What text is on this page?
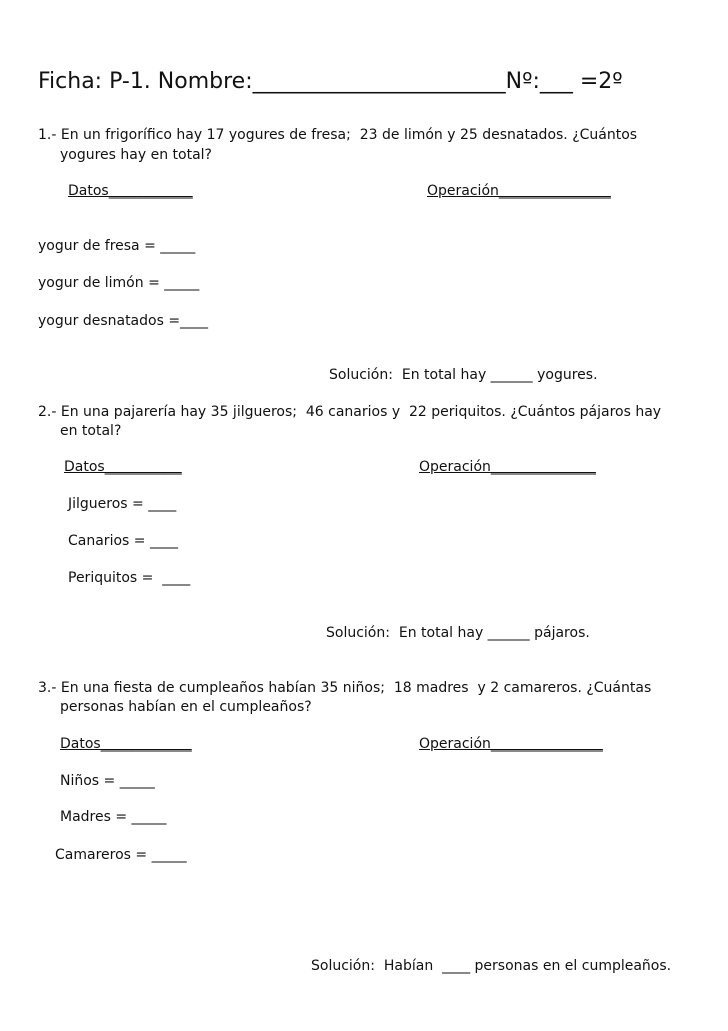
Ficha: P-1. Nombre:_______________________Nº:___ =2º
1.- En un frigorífico hay 17 yogures de fresa;  23 de limón y 25 desnatados. ¿Cuántos
yogures hay en total?
Datos____________	Operación________________
yogur de fresa = _____
yogur de limón = _____
yogur desnatados =____
Solución:  En total hay ______ yogures.
2.- En una pajarería hay 35 jilgueros;  46 canarios y  22 periquitos. ¿Cuántos pájaros hay
en total?
Datos___________	Operación_______________
Jilgueros = ____
Canarios = ____
Periquitos =  ____
Solución:  En total hay ______ pájaros.
3.- En una fiesta de cumpleaños habían 35 niños;  18 madres  y 2 camareros. ¿Cuántas
personas habían en el cumpleaños?
Datos_____________	Operación________________
Niños = _____
Madres = _____
Camareros = _____
Solución:  Habían  ____ personas en el cumpleaños.
